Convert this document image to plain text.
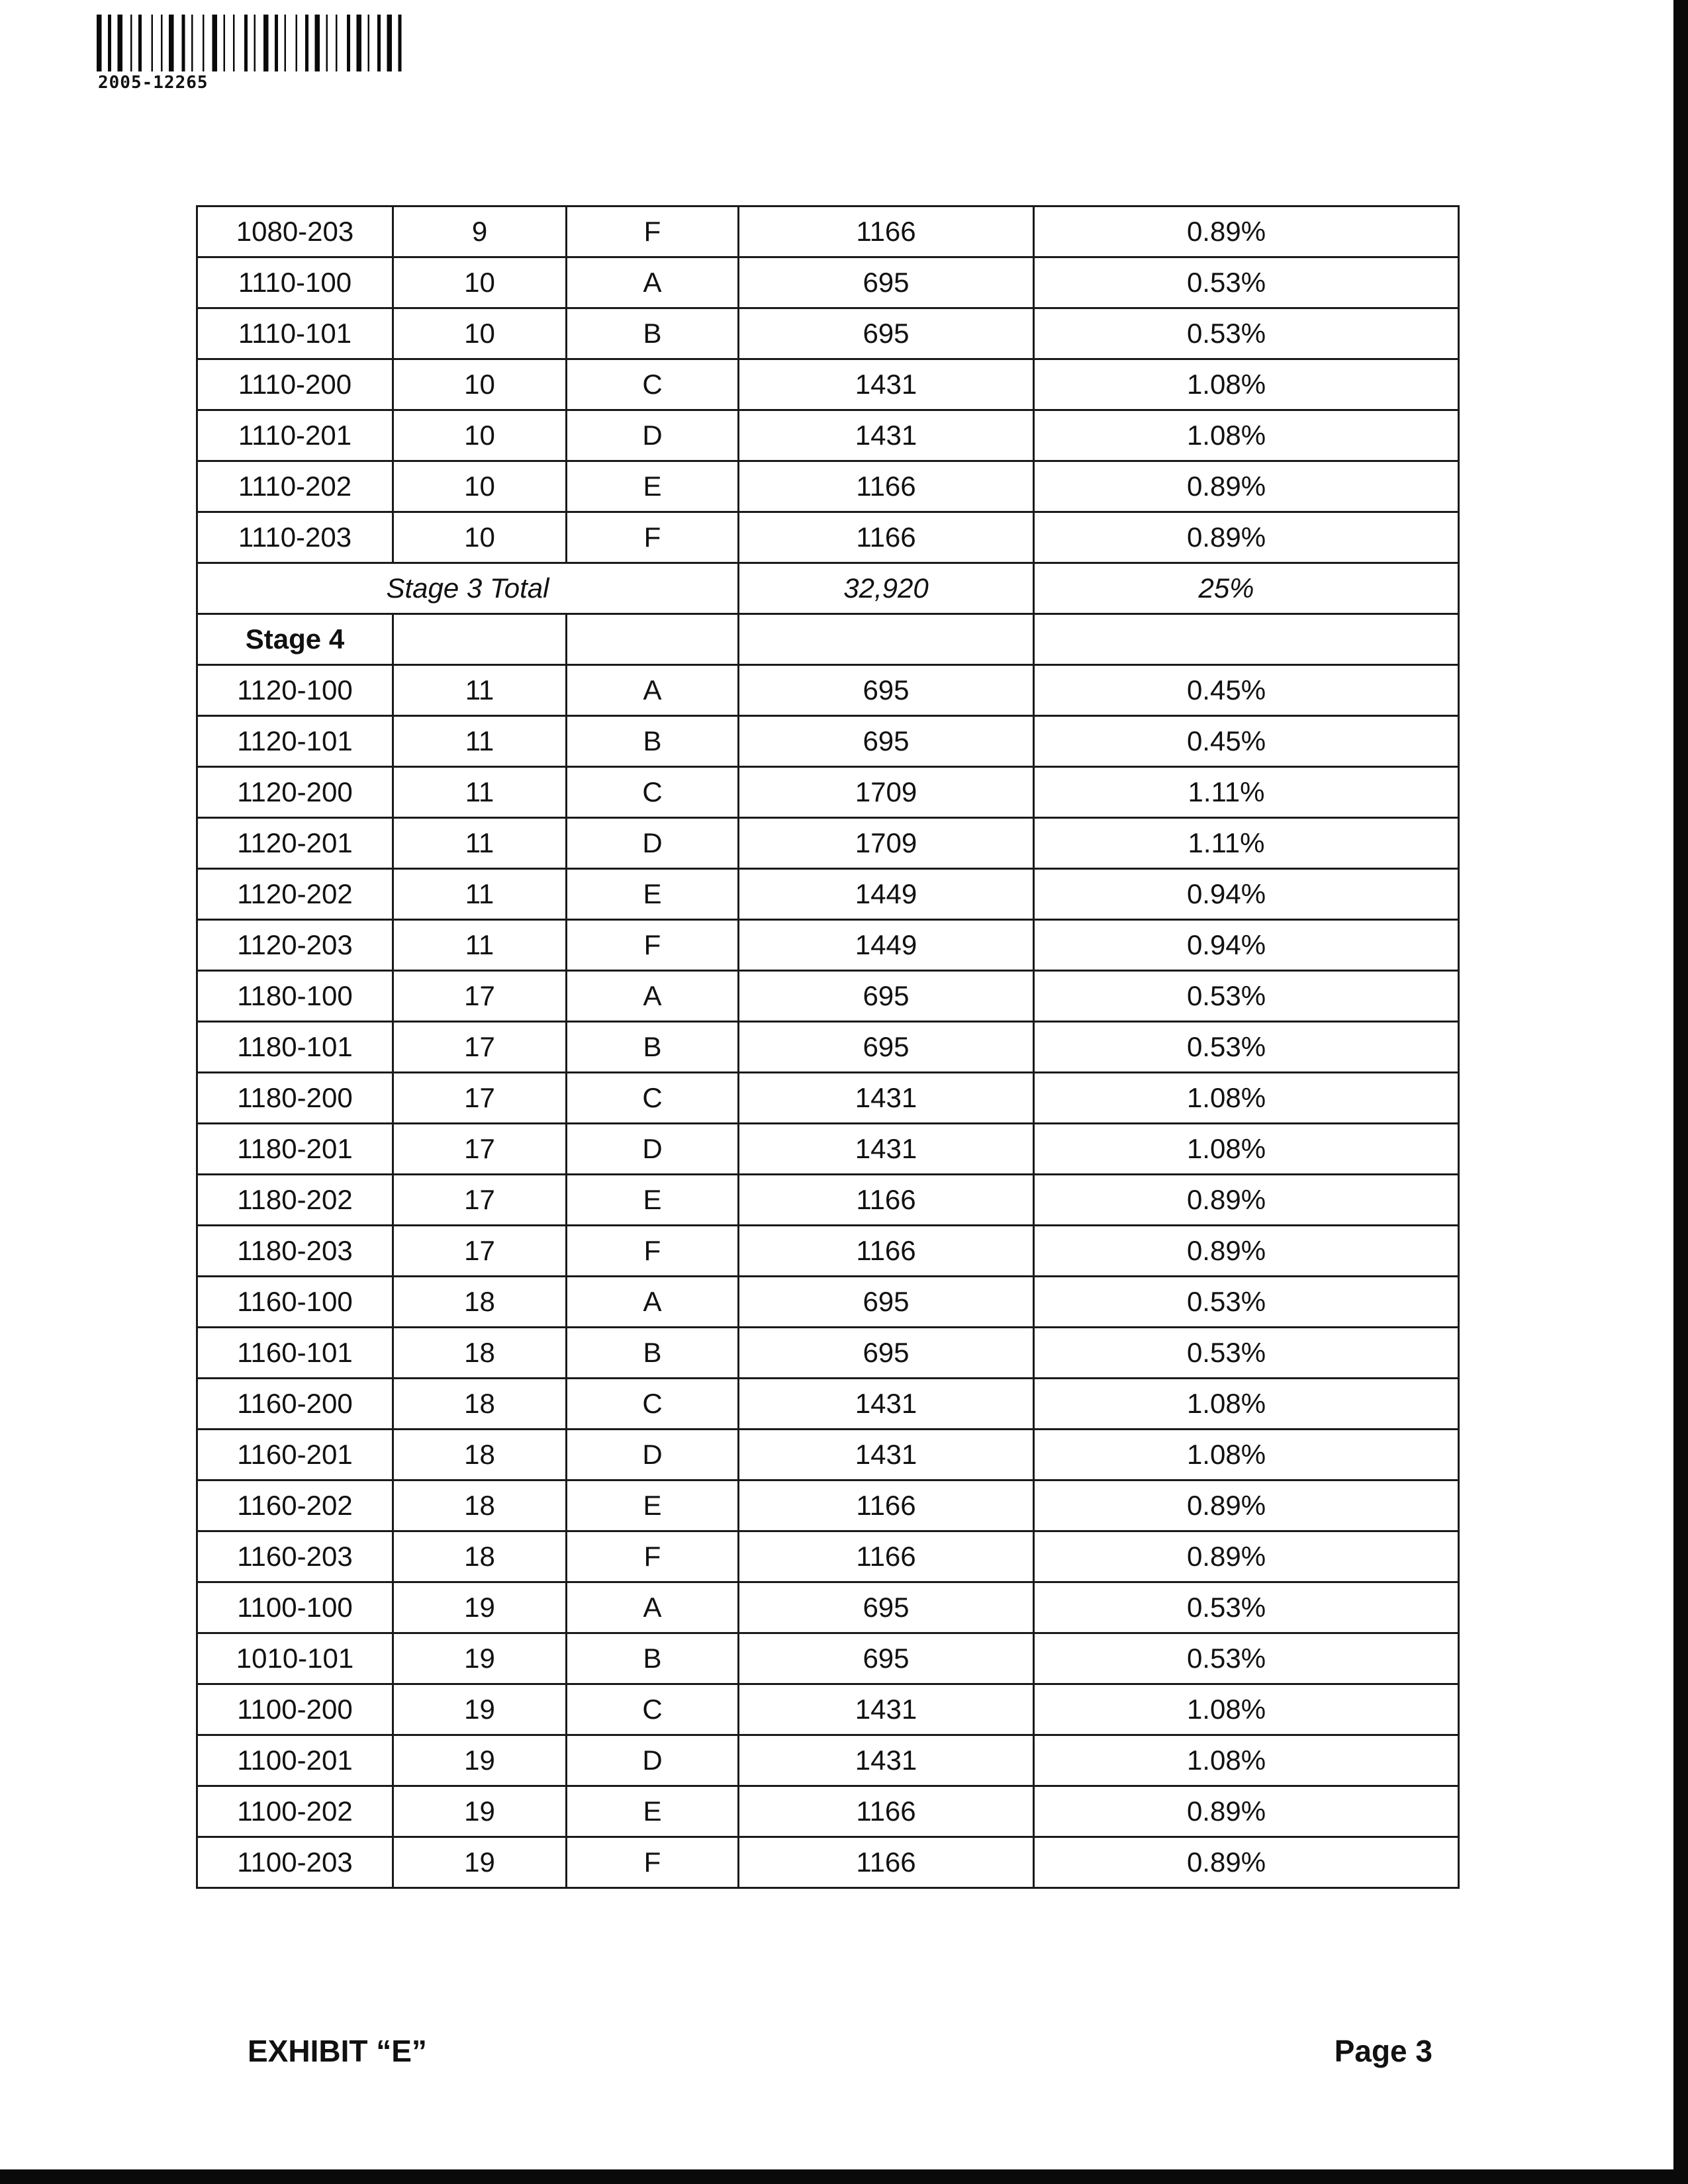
2005-12265
1080-203	9	F	1166	0.89%
1110-100	10	A	695	0.53%
1110-101	10	B	695	0.53%
1110-200	10	C	1431	1.08%
1110-201	10	D	1431	1.08%
1110-202	10	E	1166	0.89%
1110-203	10	F	1166	0.89%
Stage 3 Total			32,920	25%
Stage 4				
1120-100	11	A	695	0.45%
1120-101	11	B	695	0.45%
1120-200	11	C	1709	1.11%
1120-201	11	D	1709	1.11%
1120-202	11	E	1449	0.94%
1120-203	11	F	1449	0.94%
1180-100	17	A	695	0.53%
1180-101	17	B	695	0.53%
1180-200	17	C	1431	1.08%
1180-201	17	D	1431	1.08%
1180-202	17	E	1166	0.89%
1180-203	17	F	1166	0.89%
1160-100	18	A	695	0.53%
1160-101	18	B	695	0.53%
1160-200	18	C	1431	1.08%
1160-201	18	D	1431	1.08%
1160-202	18	E	1166	0.89%
1160-203	18	F	1166	0.89%
1100-100	19	A	695	0.53%
1010-101	19	B	695	0.53%
1100-200	19	C	1431	1.08%
1100-201	19	D	1431	1.08%
1100-202	19	E	1166	0.89%
1100-203	19	F	1166	0.89%
EXHIBIT “E”	Page 3
